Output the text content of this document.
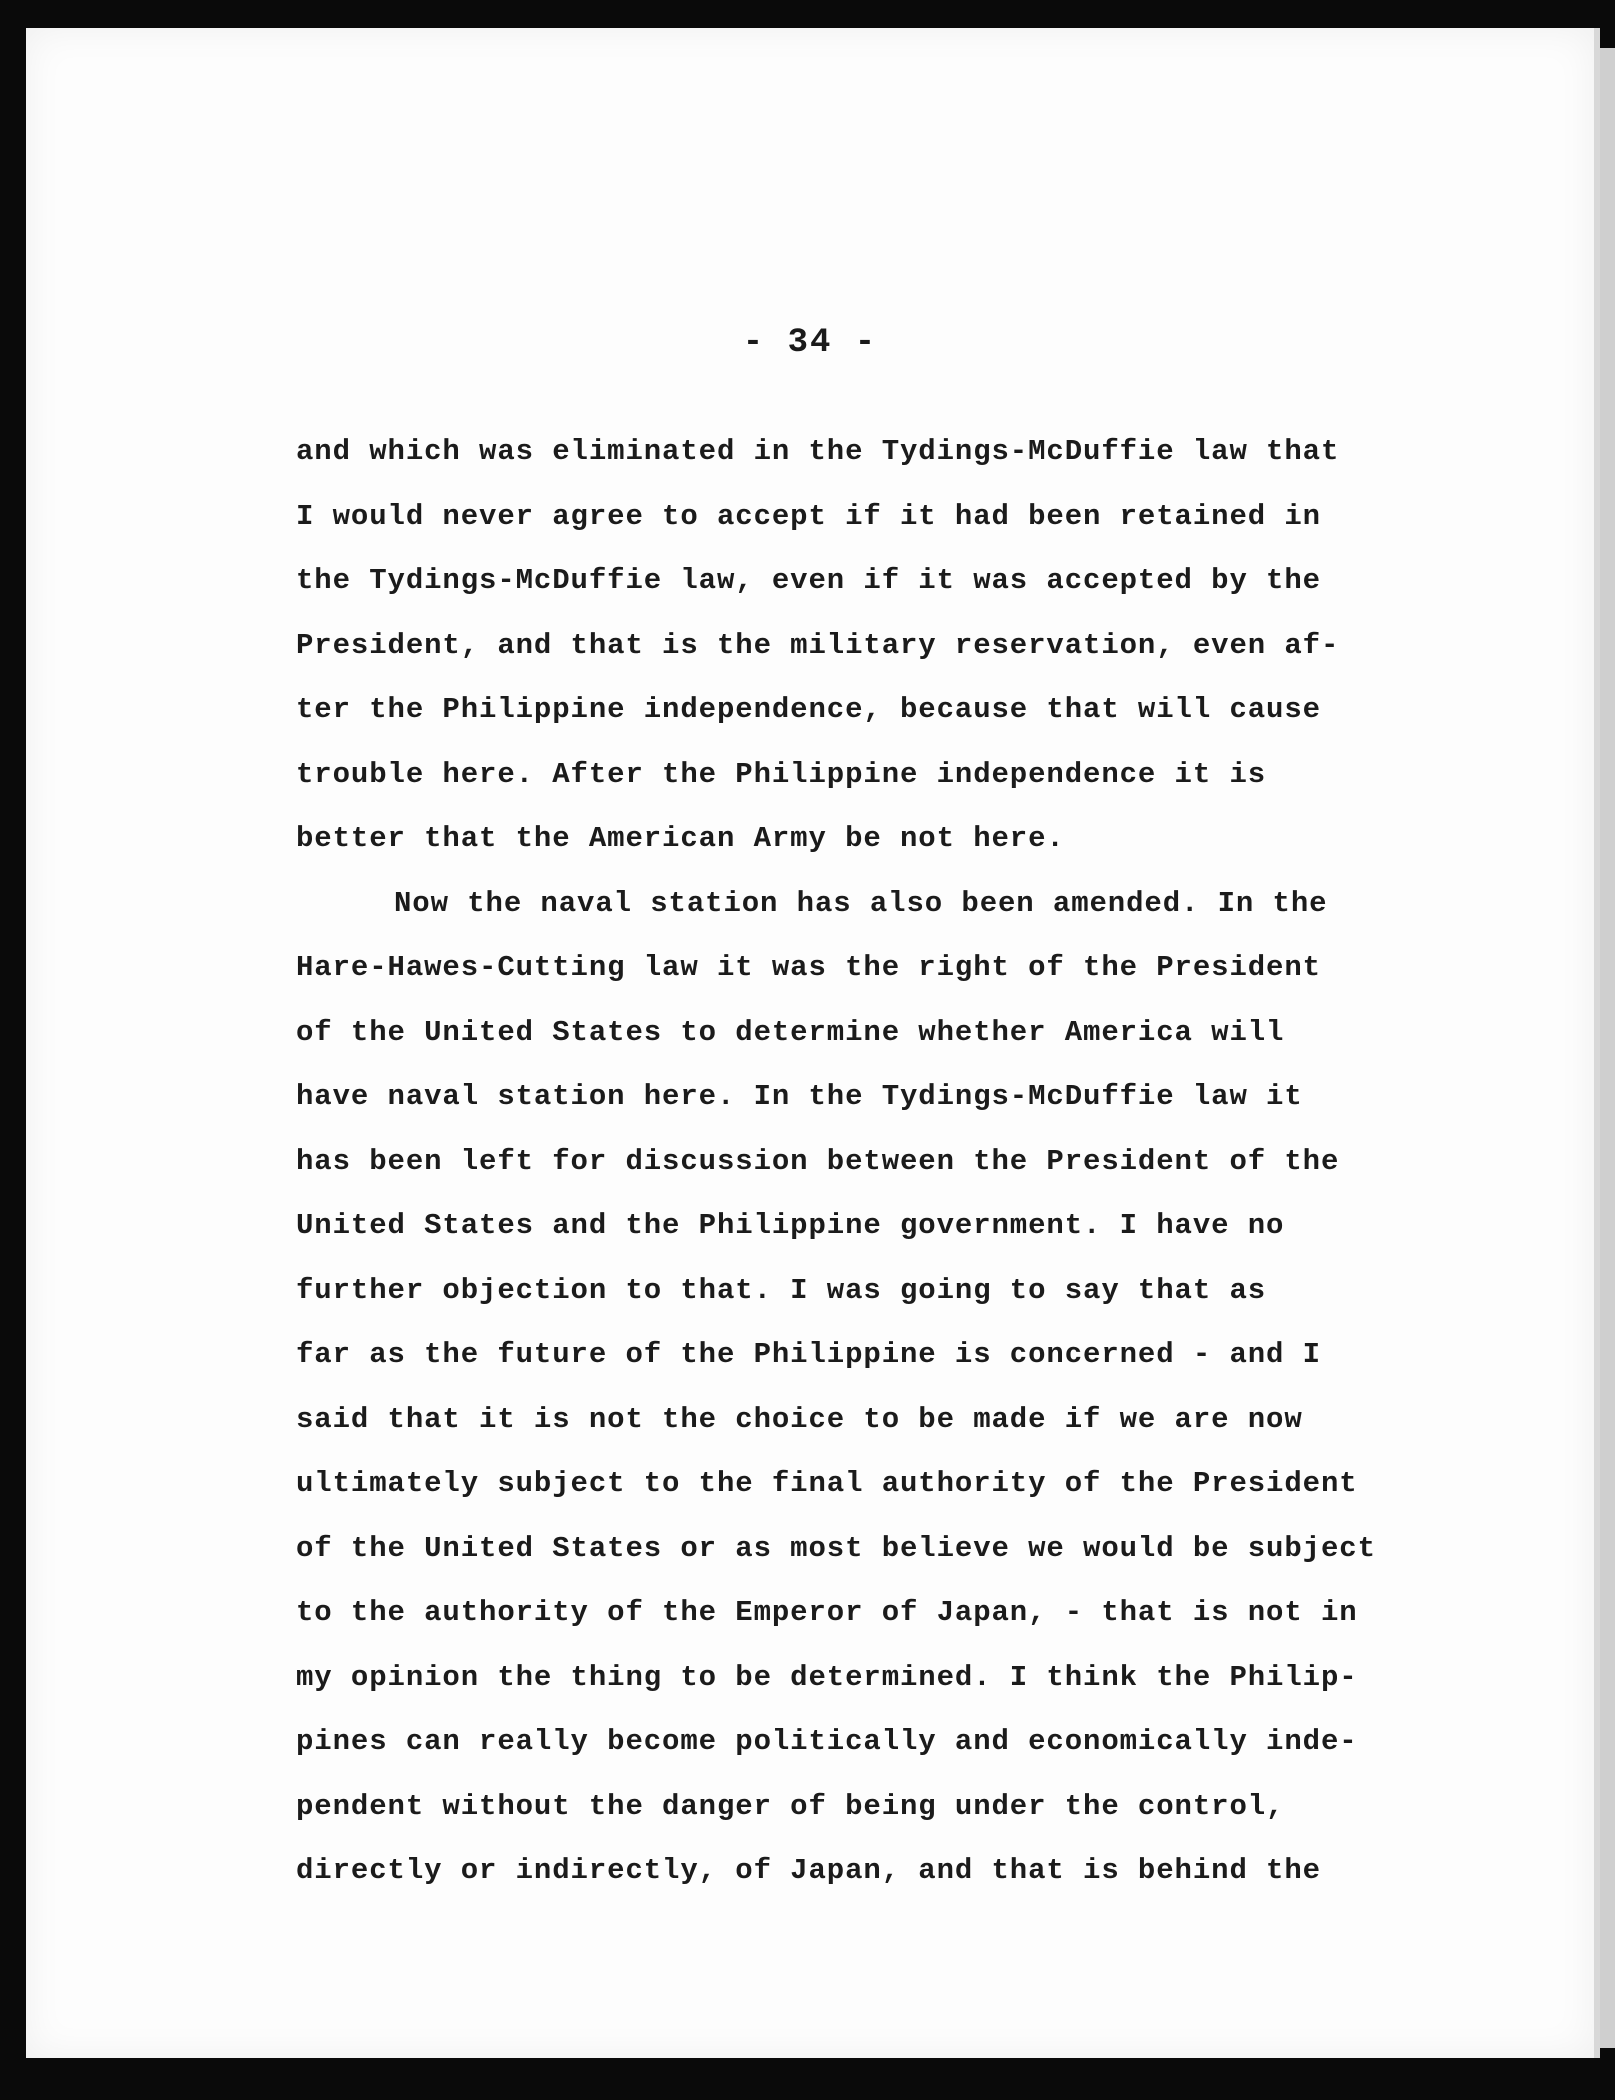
- 34 -
and which was eliminated in the Tydings-McDuffie law that
I would never agree to accept if it had been retained in
the Tydings-McDuffie law, even if it was accepted by the
President, and that is the military reservation, even af-
ter the Philippine independence, because that will cause
trouble here. After the Philippine independence it is
better that the American Army be not here.
Now the naval station has also been amended. In the
Hare-Hawes-Cutting law it was the right of the President
of the United States to determine whether America will
have naval station here. In the Tydings-McDuffie law it
has been left for discussion between the President of the
United States and the Philippine government. I have no
further objection to that. I was going to say that as
far as the future of the Philippine is concerned - and I
said that it is not the choice to be made if we are now
ultimately subject to the final authority of the President
of the United States or as most believe we would be subject
to the authority of the Emperor of Japan, - that is not in
my opinion the thing to be determined. I think the Philip-
pines can really become politically and economically inde-
pendent without the danger of being under the control,
directly or indirectly, of Japan, and that is behind the
